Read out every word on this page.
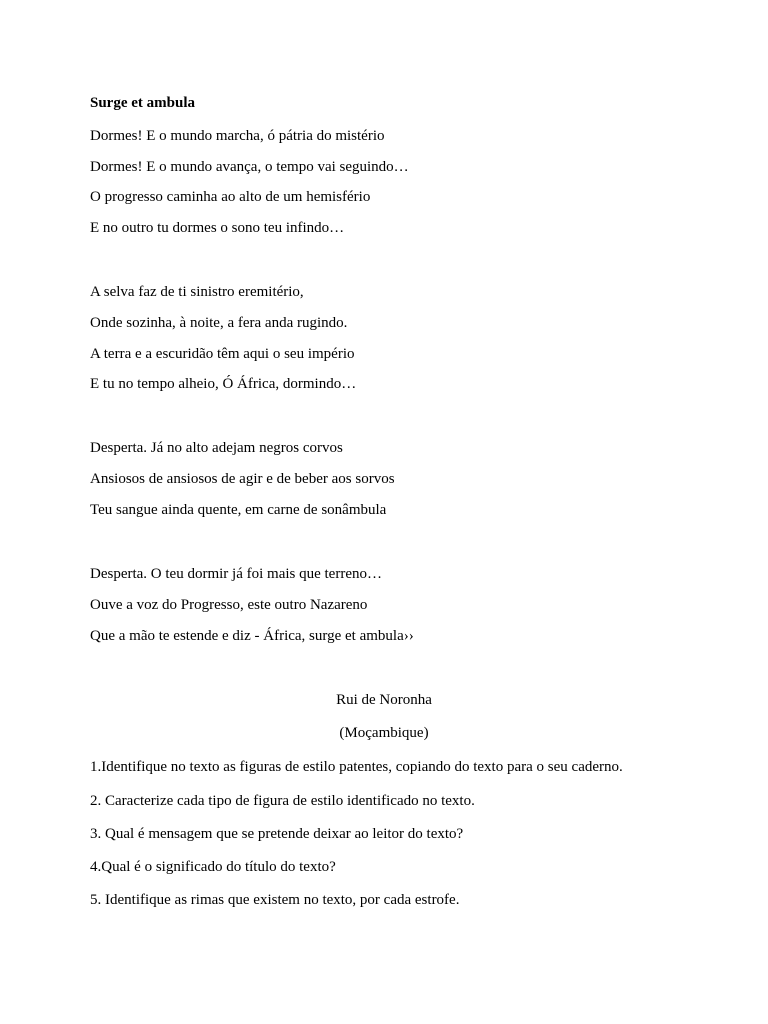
Surge et ambula
Dormes! E o mundo marcha, ó pátria do mistério
Dormes! E o mundo avança, o tempo vai seguindo…
O progresso caminha ao alto de um hemisfério
E no outro tu dormes o sono teu infindo…
A selva faz de ti sinistro eremitério,
Onde sozinha, à noite, a fera anda rugindo.
A terra e a escuridão têm aqui o seu império
E tu no tempo alheio, Ó África, dormindo…
Desperta. Já no alto adejam negros corvos
Ansiosos de ansiosos de agir e de beber aos sorvos
Teu sangue ainda quente, em carne de sonâmbula
Desperta. O teu dormir já foi mais que terreno…
Ouve a voz do Progresso, este outro Nazareno
Que a mão te estende e diz - África, surge et ambula››
Rui de Noronha
(Moçambique)
1.Identifique no texto as figuras de estilo patentes, copiando do texto para o seu caderno.
2. Caracterize cada tipo de figura de estilo identificado no texto.
3. Qual é mensagem que se pretende deixar ao leitor do texto?
4.Qual é o significado do título do texto?
5. Identifique as rimas que existem no texto, por cada estrofe.
